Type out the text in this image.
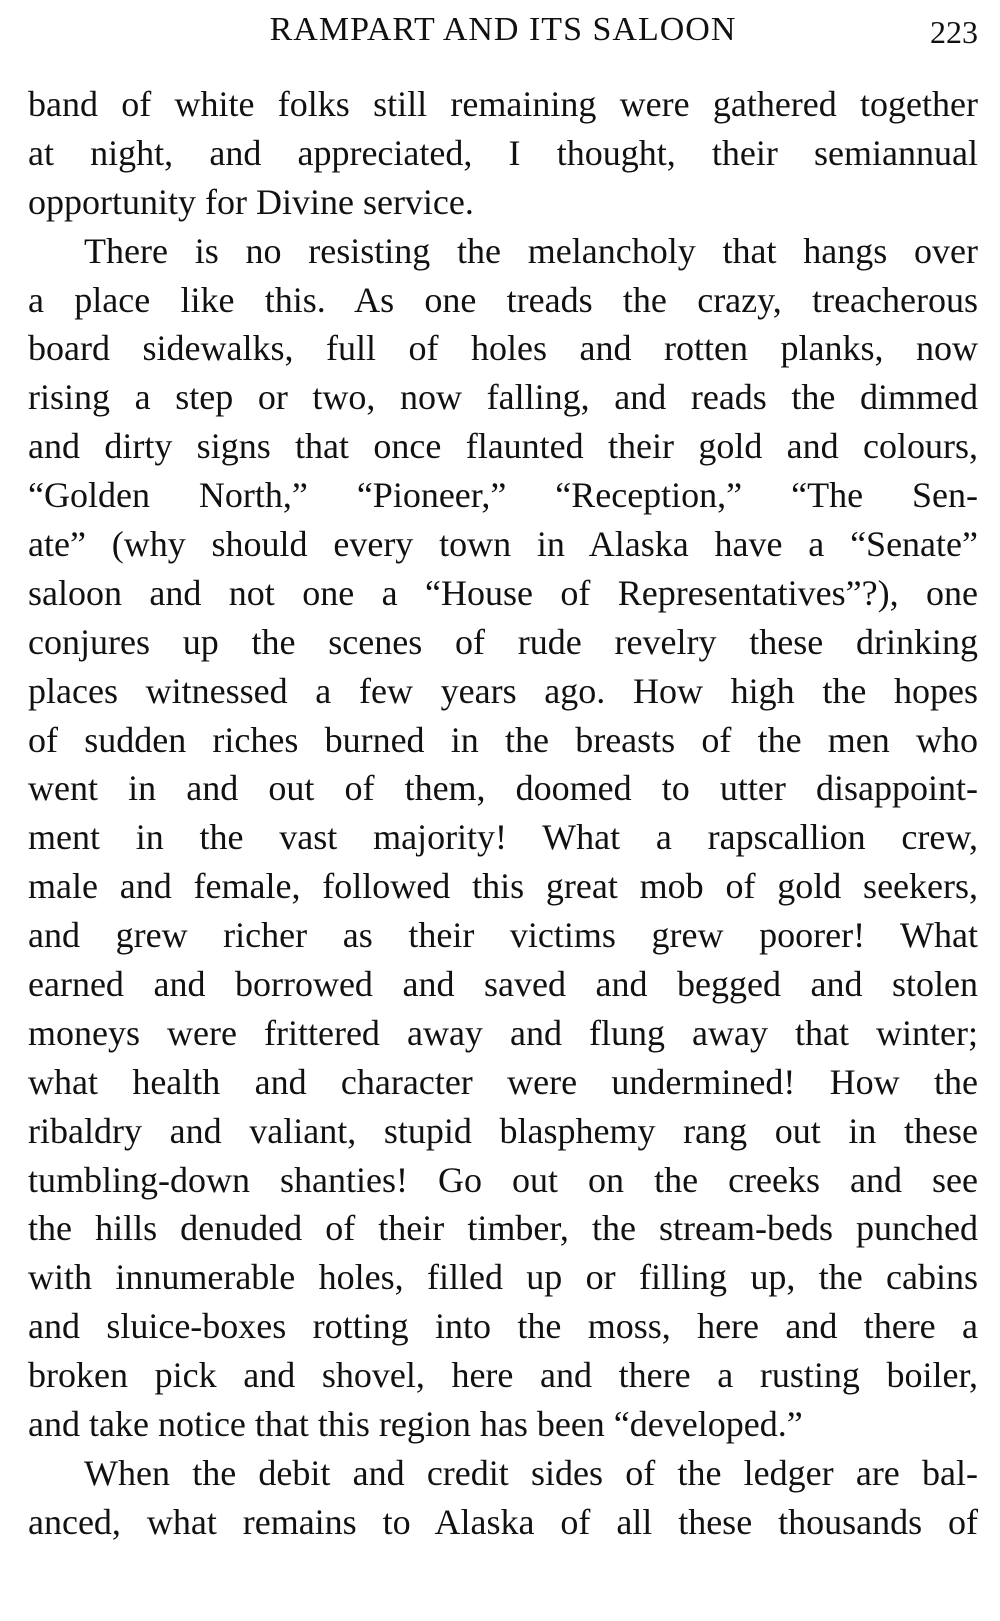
RAMPART AND ITS SALOON	223
band of white folks still remaining were gathered together
at night, and appreciated, I thought, their semiannual
opportunity for Divine service.
There is no resisting the melancholy that hangs over
a place like this. As one treads the crazy, treacherous
board sidewalks, full of holes and rotten planks, now
rising a step or two, now falling, and reads the dimmed
and dirty signs that once flaunted their gold and colours,
“Golden North,” “Pioneer,” “Reception,” “The Sen-
ate” (why should every town in Alaska have a “Senate”
saloon and not one a “House of Representatives”?), one
conjures up the scenes of rude revelry these drinking
places witnessed a few years ago. How high the hopes
of sudden riches burned in the breasts of the men who
went in and out of them, doomed to utter disappoint-
ment in the vast majority! What a rapscallion crew,
male and female, followed this great mob of gold seekers,
and grew richer as their victims grew poorer! What
earned and borrowed and saved and begged and stolen
moneys were frittered away and flung away that winter;
what health and character were undermined! How the
ribaldry and valiant, stupid blasphemy rang out in these
tumbling-down shanties! Go out on the creeks and see
the hills denuded of their timber, the stream-beds punched
with innumerable holes, filled up or filling up, the cabins
and sluice-boxes rotting into the moss, here and there a
broken pick and shovel, here and there a rusting boiler,
and take notice that this region has been “developed.”
When the debit and credit sides of the ledger are bal-
anced, what remains to Alaska of all these thousands of
